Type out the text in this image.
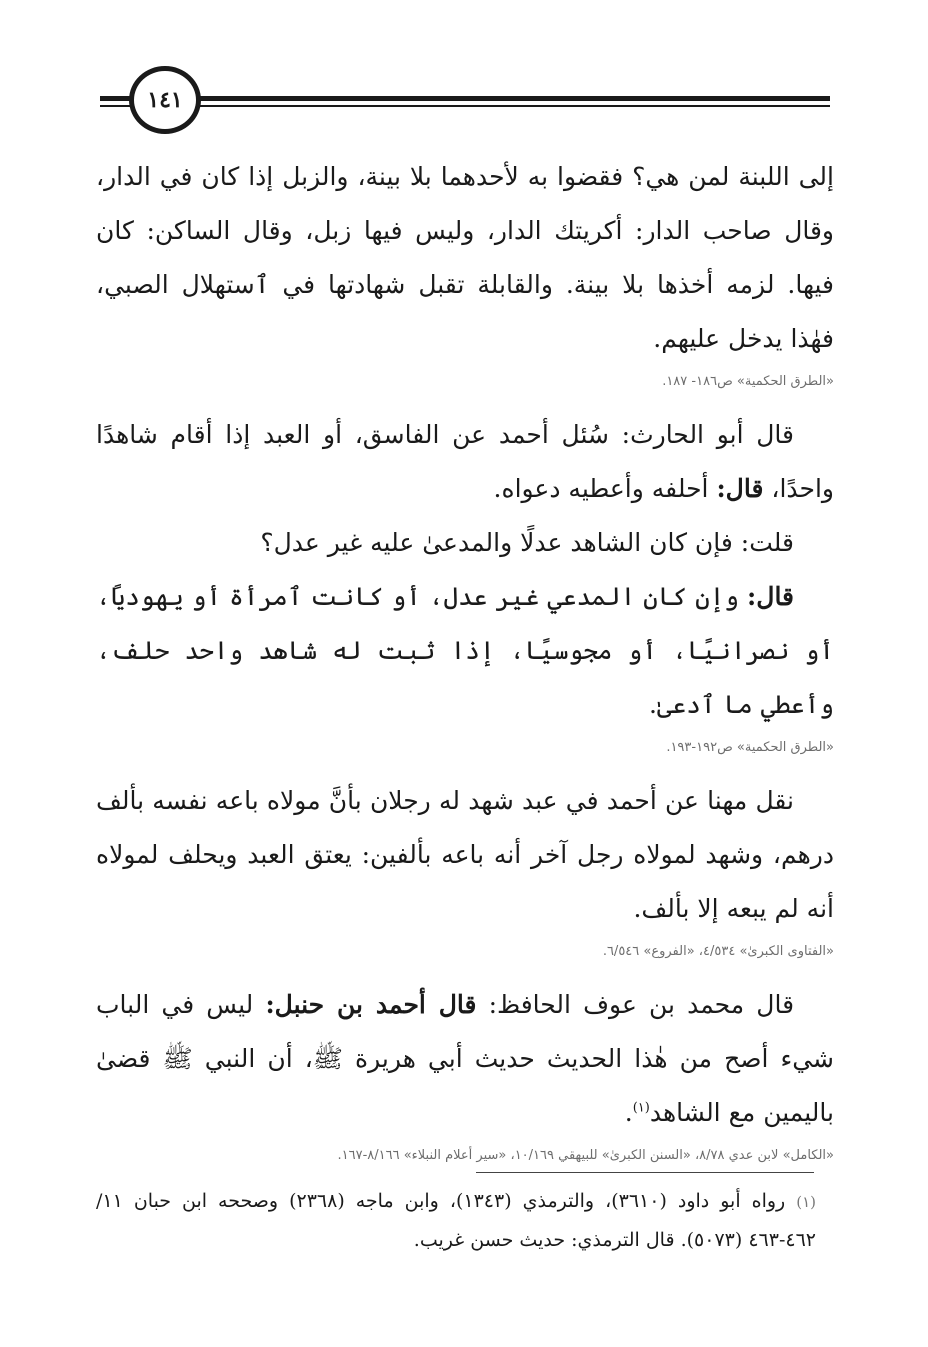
١٤١

إلى اللبنة لمن هي؟ فقضوا به لأحدهما بلا بينة، والزبل إذا كان في الدار، وقال صاحب الدار: أكريتك الدار، وليس فيها زبل، وقال الساكن: كان فيها. لزمه أخذها بلا بينة. والقابلة تقبل شهادتها في ٱستهلال الصبي، فهٰذا يدخل عليهم.

«الطرق الحكمية» ص١٨٦- ١٨٧.

قال أبو الحارث: سُئل أحمد عن الفاسق، أو العبد إذا أقام شاهدًا واحدًا، قال: أحلفه وأعطيه دعواه.

قلت: فإن كان الشاهد عدلًا والمدعىٰ عليه غير عدل؟

قال: وإن كان المدعي غير عدل، أو كانت ٱمرأة أو يهوديًا، أو نصرانيًا، أو مجوسيًا، إذا ثبت له شاهد واحد حلف، وأعطي ما ٱدعىٰ.

«الطرق الحكمية» ص١٩٢-١٩٣.

نقل مهنا عن أحمد في عبد شهد له رجلان بأنَّ مولاه باعه نفسه بألف درهم، وشهد لمولاه رجل آخر أنه باعه بألفين: يعتق العبد ويحلف لمولاه أنه لم يبعه إلا بألف.

«الفتاوى الكبرىٰ» ٤/٥٣٤، «الفروع» ٦/٥٤٦.

قال محمد بن عوف الحافظ: قال أحمد بن حنبل: ليس في الباب شيء أصح من هٰذا الحديث حديث أبي هريرة ﷺ، أن النبي ﷺ قضىٰ باليمين مع الشاهد$^{(١)}$.

«الكامل» لابن عدي ٨/٧٨، «السنن الكبرىٰ» للبيهقي ١٠/١٦٩، «سير أعلام النبلاء» ٨/١٦٦-١٦٧.
(١) رواه أبو داود (٣٦١٠)، والترمذي (١٣٤٣)، وابن ماجه (٢٣٦٨) وصححه ابن حبان ١١/ ٤٦٢-٤٦٣ (٥٠٧٣). قال الترمذي: حديث حسن غريب.
